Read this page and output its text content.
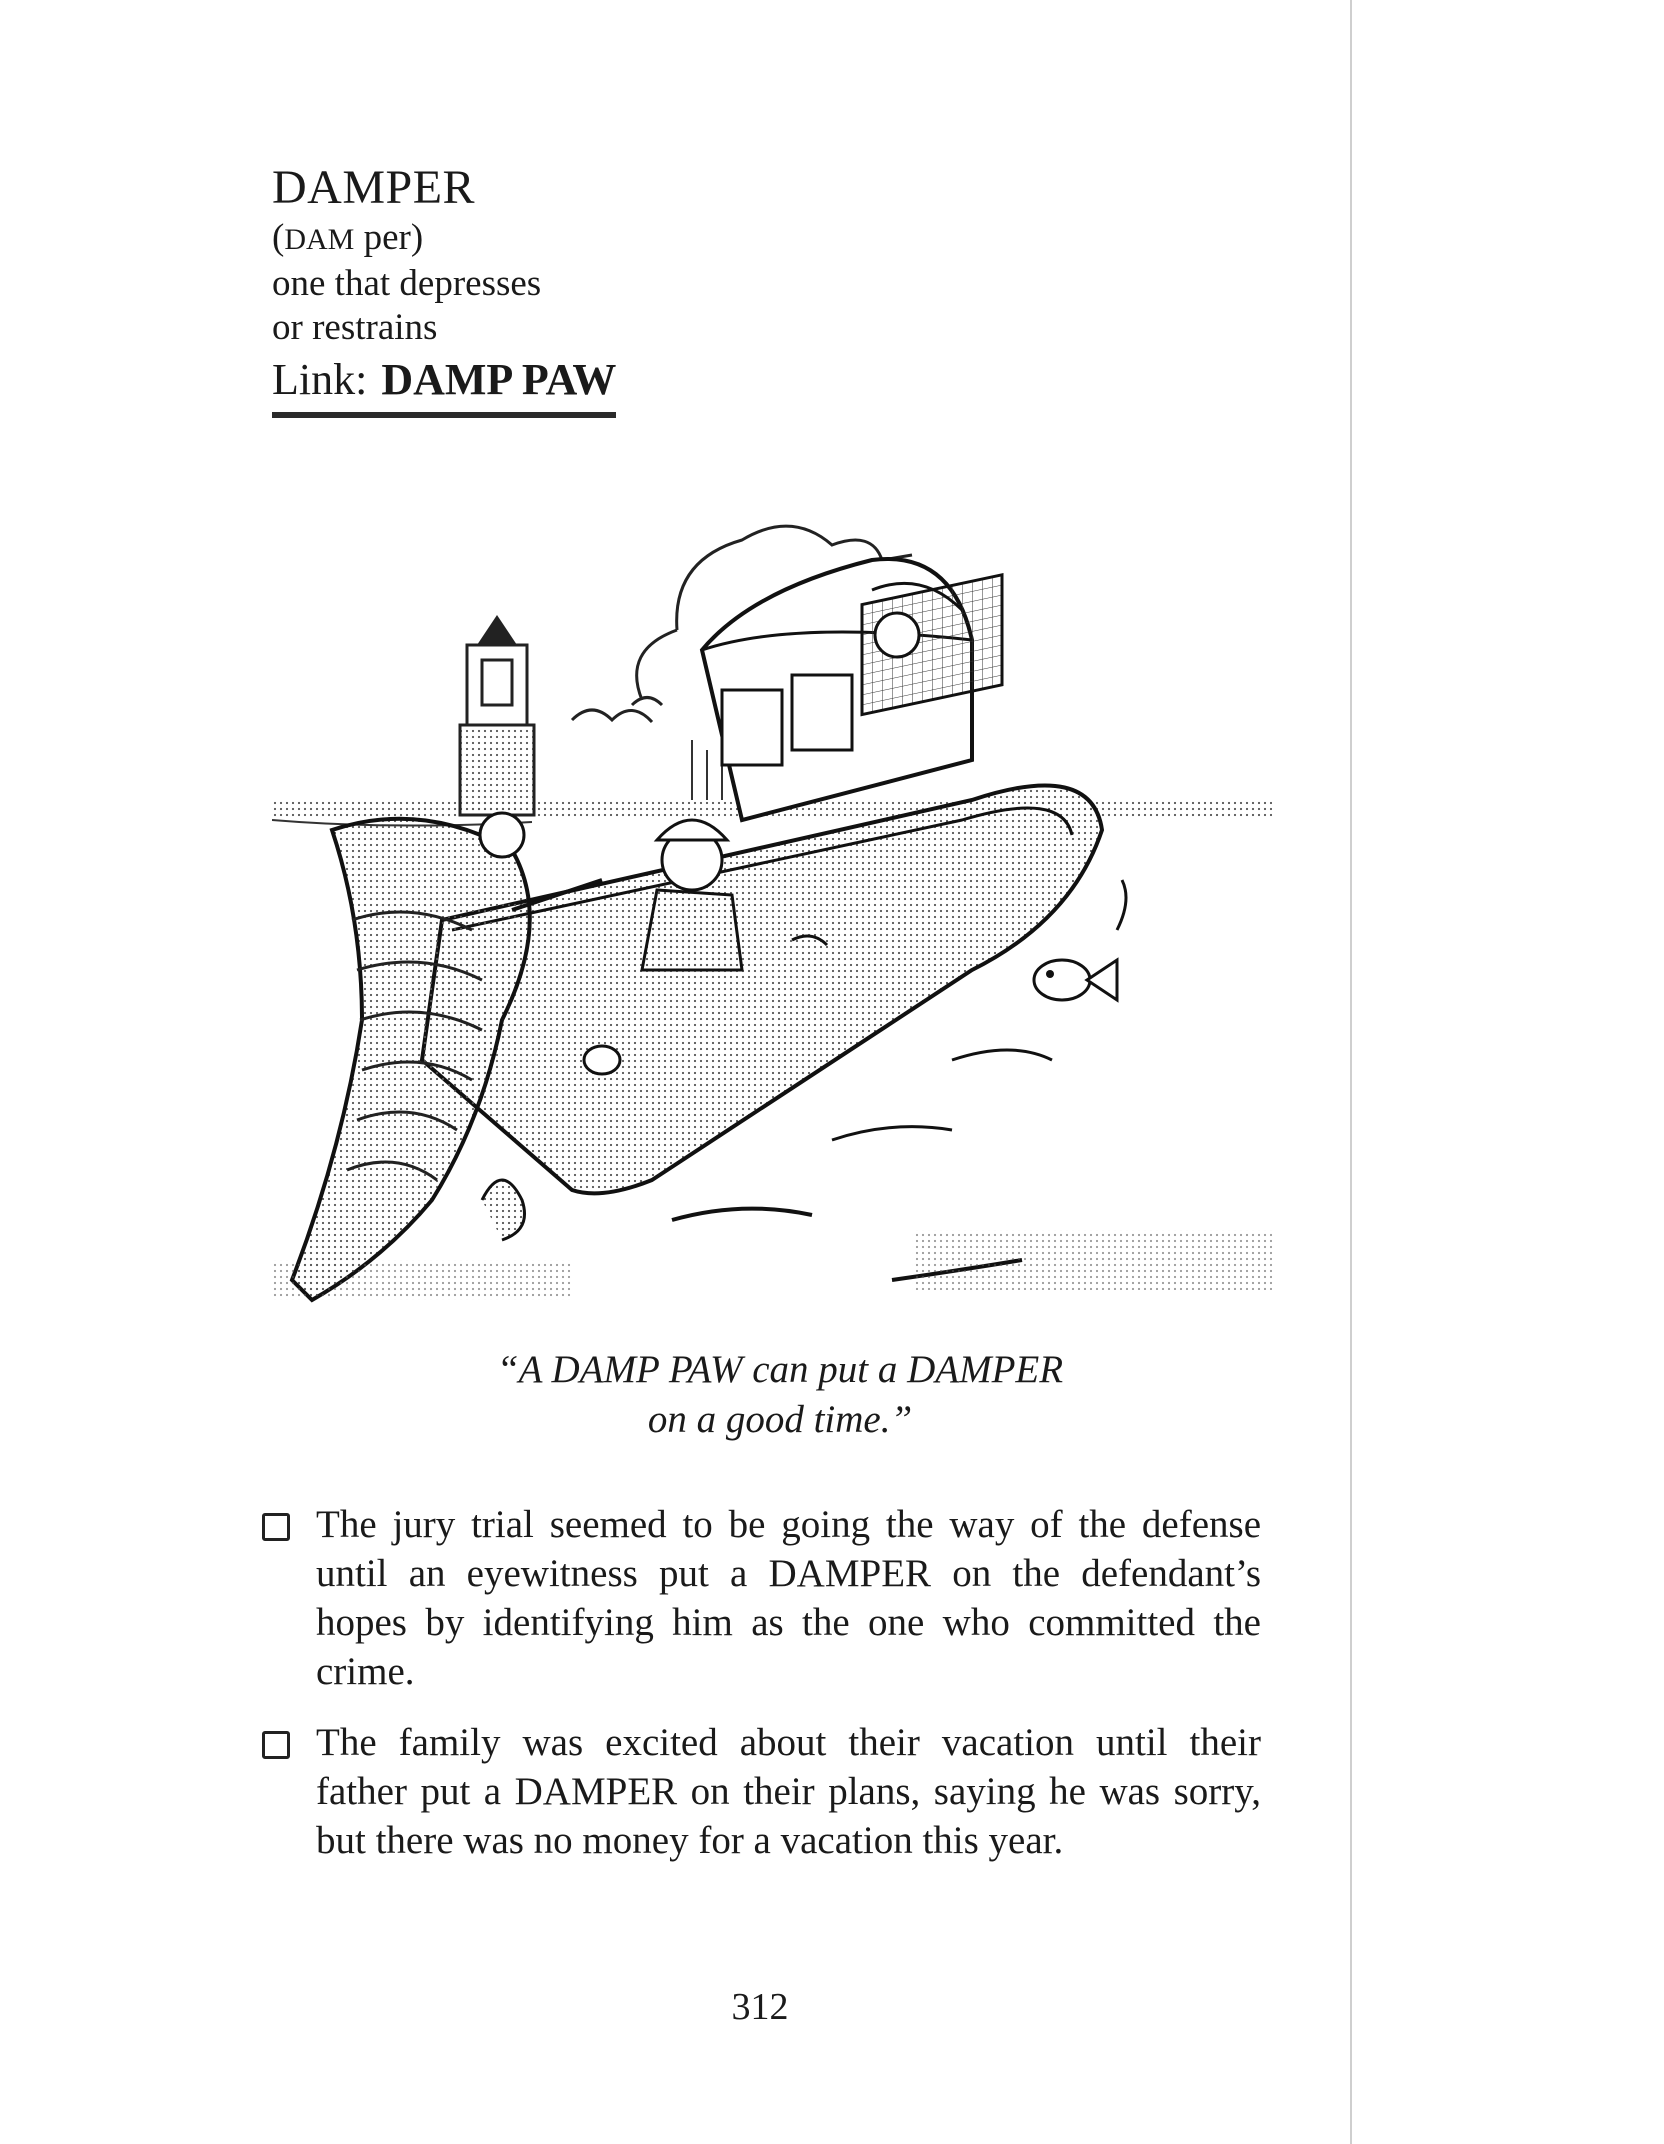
DAMPER
(DAM per)
one that depresses
or restrains
Link: DAMP PAW
“A DAMP PAW can put a DAMPER
on a good time.”
The jury trial seemed to be going the way of the defense until an eyewitness put a DAMPER on the defendant’s hopes by identifying him as the one who committed the crime.
The family was excited about their vacation until their father put a DAMPER on their plans, saying he was sorry, but there was no money for a vacation this year.
312
